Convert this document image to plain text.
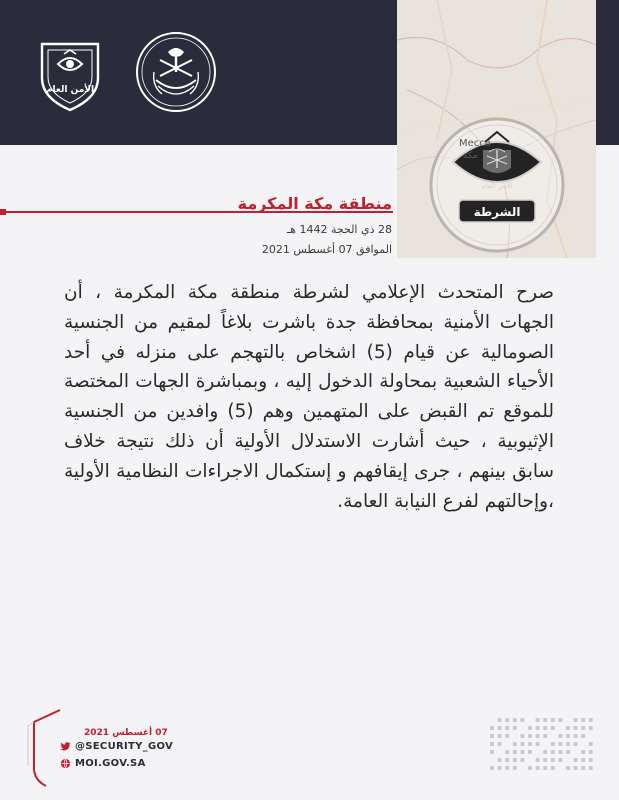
الأمن العام
الشرطة
الأمن العام
Mecca
مكة
منطقة مكة المكرمة
28 ذي الحجة 1442 هـ
الموافق 07 أغسطس 2021

صرح المتحدث الإعلامي لشرطة منطقة مكة المكرمة ، أن الجهات الأمنية بمحافظة جدة باشرت بلاغاً لمقيم من الجنسية الصومالية عن قيام (5) اشخاص بالتهجم على منزله في أحد الأحياء الشعبية بمحاولة الدخول إليه ، وبمباشرة الجهات المختصة للموقع تم القبض على المتهمين وهم (5) وافدين من الجنسية الإثيوبية ، حيث أشارت الاستدلال الأولية أن ذلك نتيجة خلاف سابق بينهم ، جرى إيقافهم و إستكمال الاجراءات النظامية الأولية ،وإحالتهم لفرع النيابة العامة.

07 أغسطس 2021
@SECURITY_GOV
MOI.GOV.SA
